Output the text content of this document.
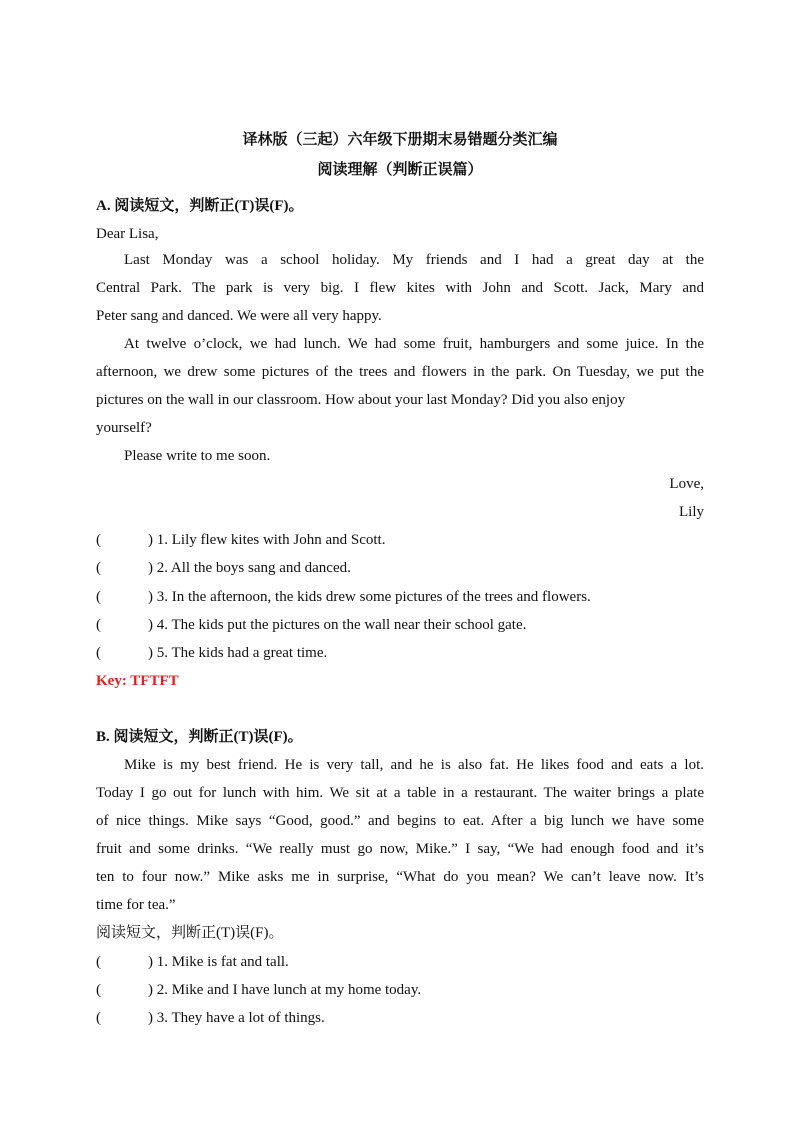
译林版（三起）六年级下册期末易错题分类汇编
阅读理解（判断正误篇）
A. 阅读短文，判断正(T)误(F)。
Dear Lisa,
Last Monday was a school holiday. My friends and I had a great day at the
Central Park. The park is very big. I flew kites with John and Scott. Jack, Mary and
Peter sang and danced. We were all very happy.
At twelve o’clock, we had lunch. We had some fruit, hamburgers and some juice. In the
afternoon, we drew some pictures of the trees and flowers in the park. On Tuesday, we put the
pictures on the wall in our classroom. How about your last Monday? Did you also enjoy
yourself?
Please write to me soon.
Love,
Lily
(	) 1. Lily flew kites with John and Scott.
(	) 2. All the boys sang and danced.
(	) 3. In the afternoon, the kids drew some pictures of the trees and flowers.
(	) 4. The kids put the pictures on the wall near their school gate.
(	) 5. The kids had a great time.
Key: TFTFT
B. 阅读短文，判断正(T)误(F)。
Mike is my best friend. He is very tall, and he is also fat. He likes food and eats a lot.
Today I go out for lunch with him. We sit at a table in a restaurant. The waiter brings a plate
of nice things. Mike says “Good, good.” and begins to eat. After a big lunch we have some
fruit and some drinks. “We really must go now, Mike.” I say, “We had enough food and it’s
ten to four now.” Mike asks me in surprise, “What do you mean? We can’t leave now. It’s
time for tea.”
阅读短文，判断正(T)误(F)。
(	) 1. Mike is fat and tall.
(	) 2. Mike and I have lunch at my home today.
(	) 3. They have a lot of things.
